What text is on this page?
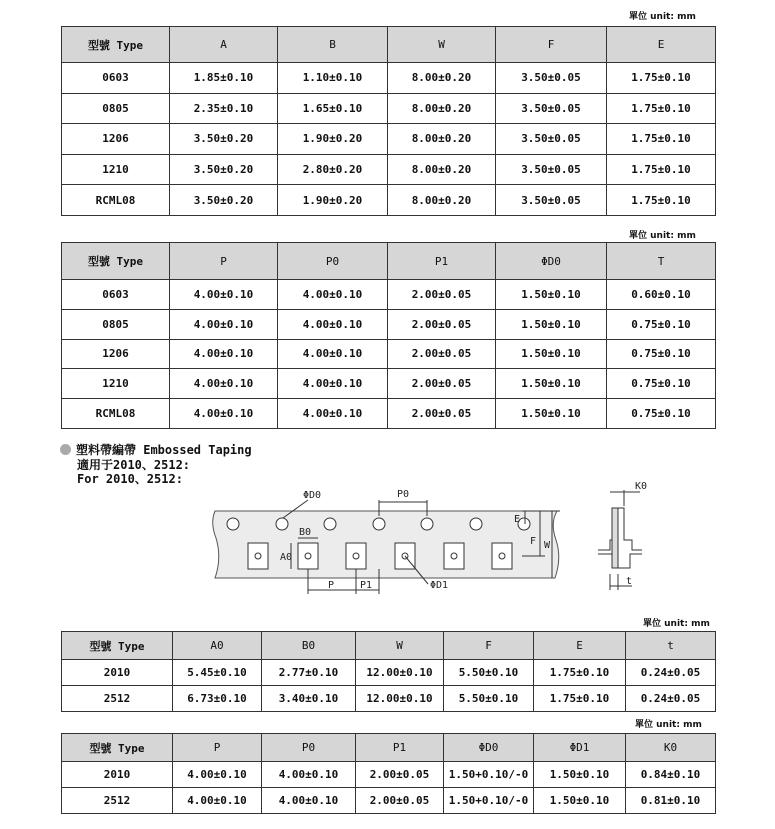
單位 unit: mm
單位 unit: mm
單位 unit: mm
單位 unit: mm
型號 Type	A	B	W	F	E
0603	1.85±0.10	1.10±0.10	8.00±0.20	3.50±0.05	1.75±0.10
0805	2.35±0.10	1.65±0.10	8.00±0.20	3.50±0.05	1.75±0.10
1206	3.50±0.20	1.90±0.20	8.00±0.20	3.50±0.05	1.75±0.10
1210	3.50±0.20	2.80±0.20	8.00±0.20	3.50±0.05	1.75±0.10
RCML08	3.50±0.20	1.90±0.20	8.00±0.20	3.50±0.05	1.75±0.10
型號 Type	P	P0	P1	ΦD0	T
0603	4.00±0.10	4.00±0.10	2.00±0.05	1.50±0.10	0.60±0.10
0805	4.00±0.10	4.00±0.10	2.00±0.05	1.50±0.10	0.75±0.10
1206	4.00±0.10	4.00±0.10	2.00±0.05	1.50±0.10	0.75±0.10
1210	4.00±0.10	4.00±0.10	2.00±0.05	1.50±0.10	0.75±0.10
RCML08	4.00±0.10	4.00±0.10	2.00±0.05	1.50±0.10	0.75±0.10
塑料帶編帶 Embossed Taping
適用于2010、2512:
For 2010、2512:
ΦD0	P0
B0
A0
P	P1	ΦD1
E
F W
K0
t
型號 Type	A0	B0	W	F	E	t
2010	5.45±0.10	2.77±0.10	12.00±0.10	5.50±0.10	1.75±0.10	0.24±0.05
2512	6.73±0.10	3.40±0.10	12.00±0.10	5.50±0.10	1.75±0.10	0.24±0.05
型號 Type	P	P0	P1	ΦD0	ΦD1	K0
2010	4.00±0.10	4.00±0.10	2.00±0.05	1.50+0.10/-0	1.50±0.10	0.84±0.10
2512	4.00±0.10	4.00±0.10	2.00±0.05	1.50+0.10/-0	1.50±0.10	0.81±0.10
